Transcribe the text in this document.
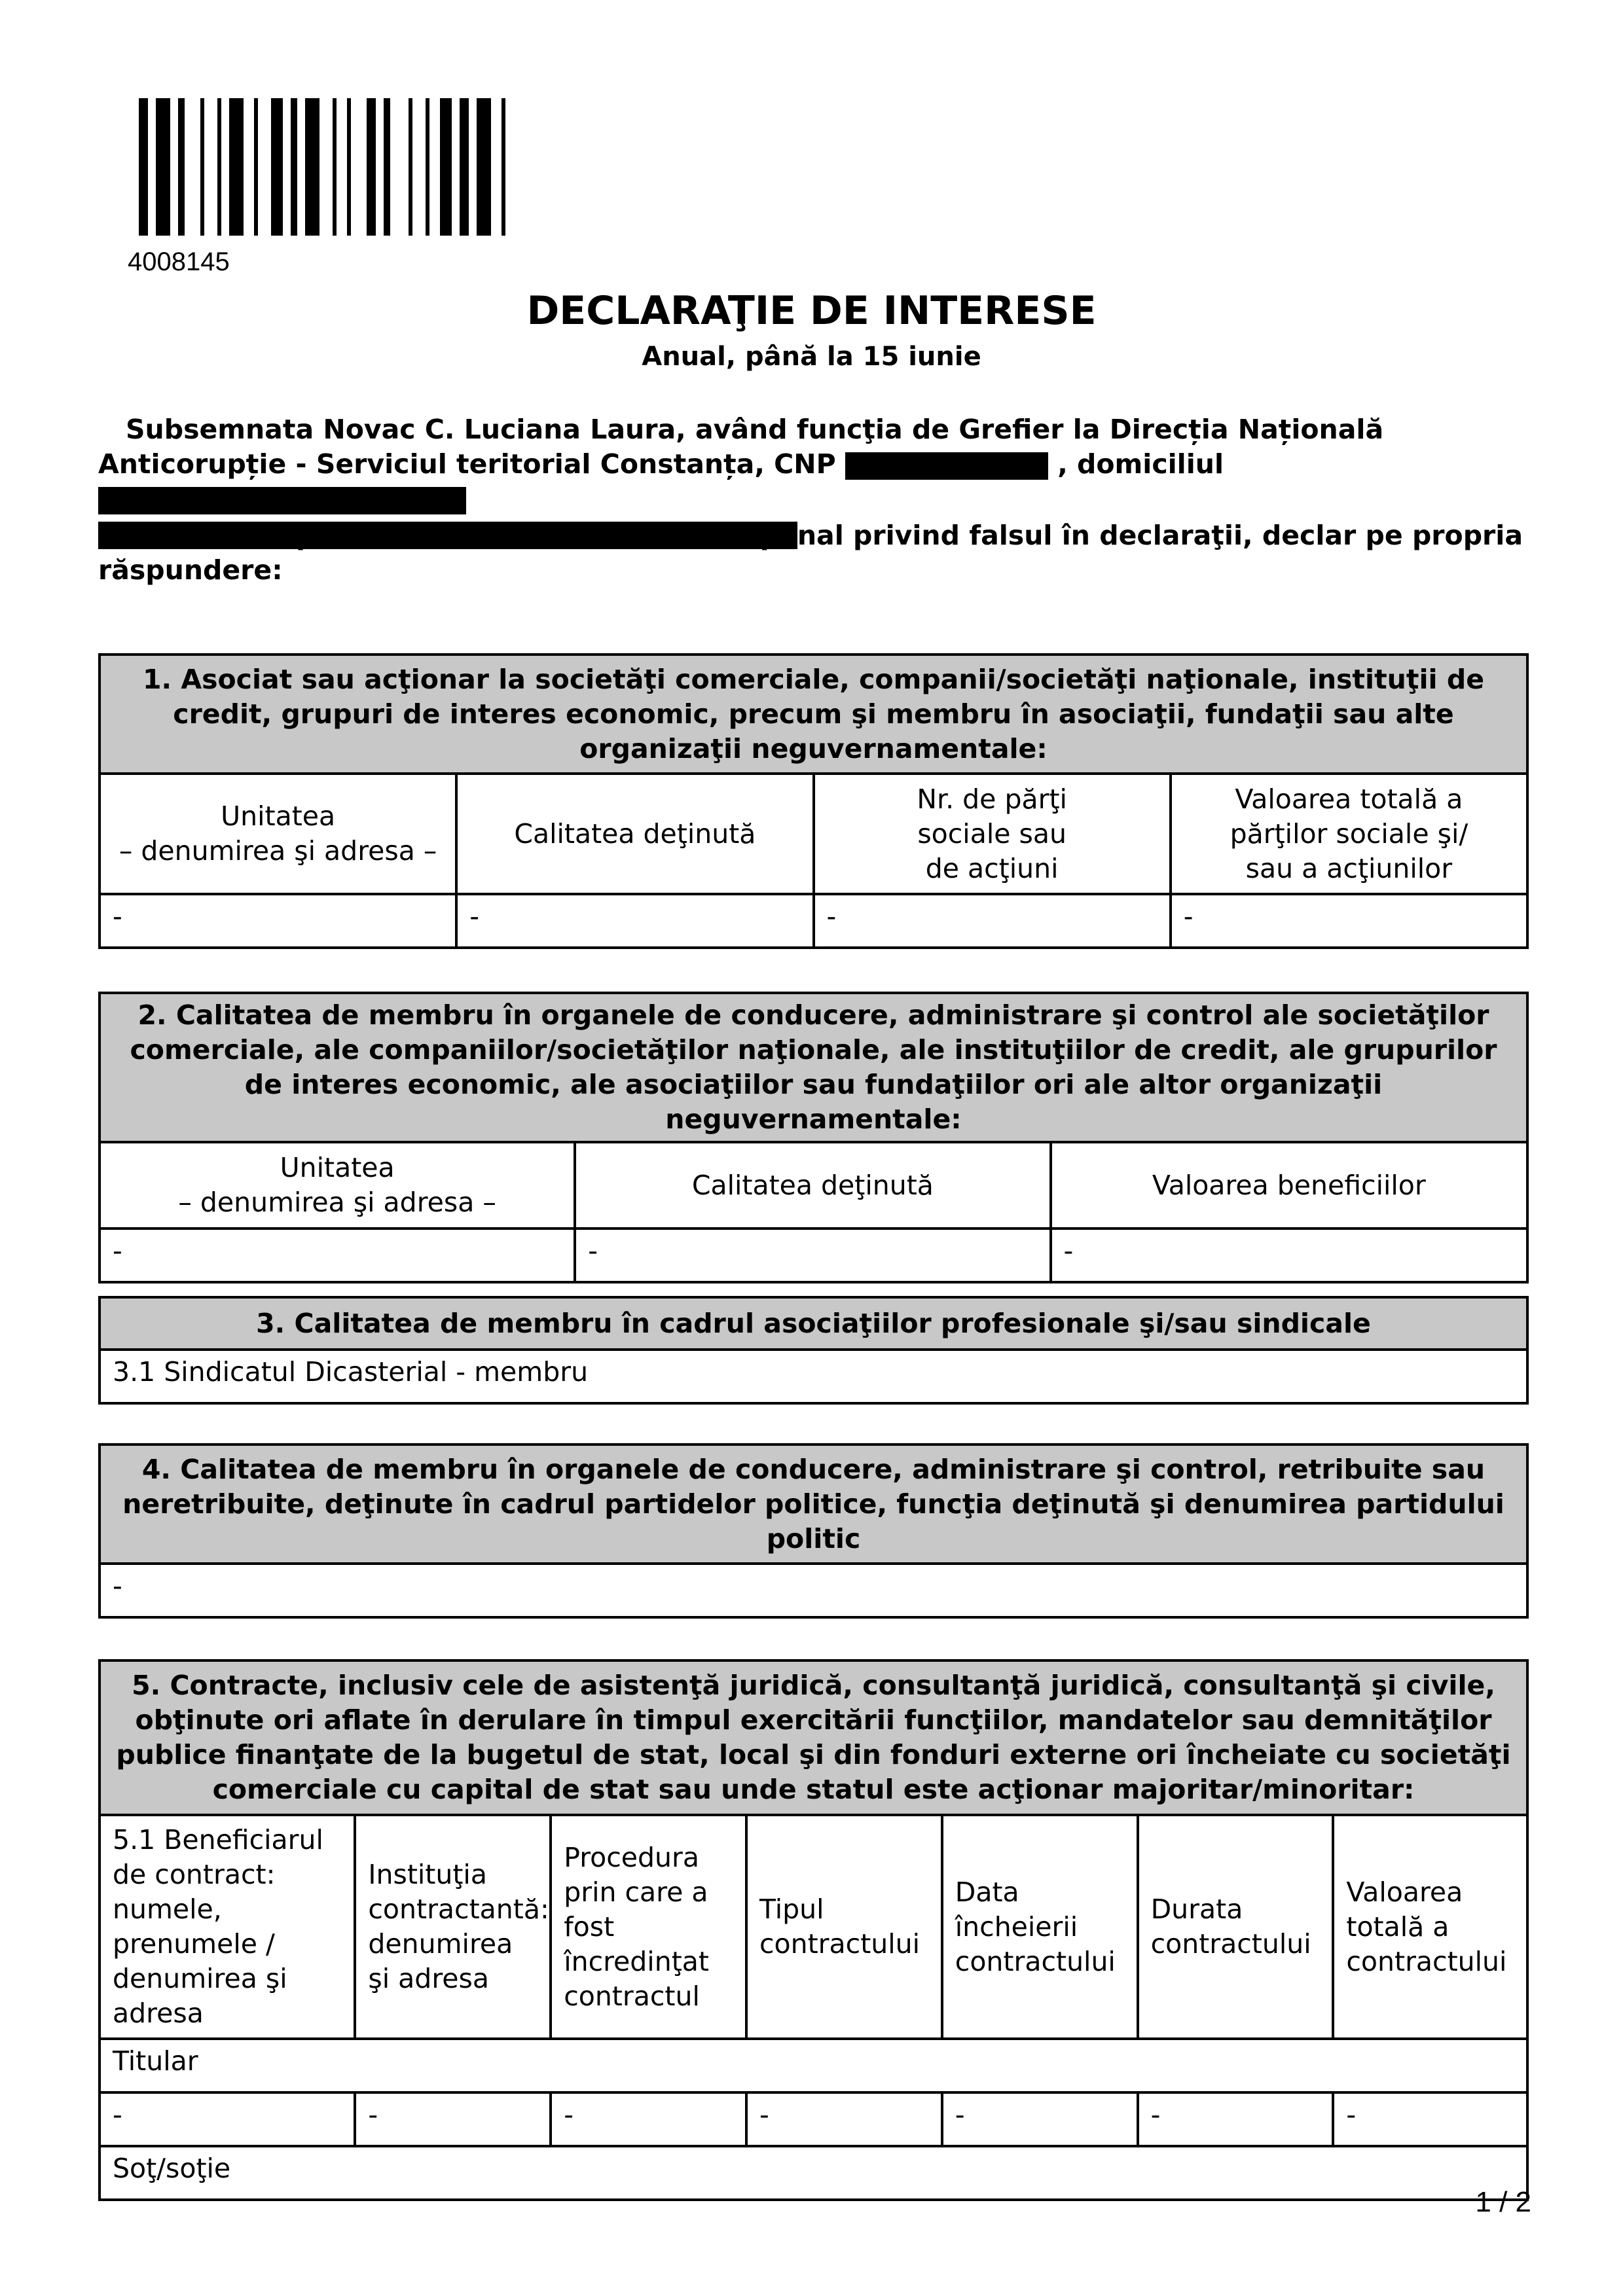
4008145
DECLARAŢIE DE INTERESE
Anual, până la 15 iunie
Subsemnata Novac C. Luciana Laura, având funcţia de Grefier la Direcția Națională Anticorupție - Serviciul teritorial Constanța, CNP	, domiciliul

cunoscând prevederile art. 292 din Codul penal privind falsul în declaraţii, declar pe propria răspundere:
1. Asociat sau acţionar la societăţi comerciale, companii/societăţi naţionale, instituţii de credit, grupuri de interes economic, precum şi membru în asociaţii, fundaţii sau alte organizaţii neguvernamentale:			
Unitatea
– denumirea şi adresa –	Calitatea deţinută	Nr. de părţi
sociale sau
de acţiuni	Valoarea totală a
părţilor sociale şi/
sau a acţiunilor
-	-	-	-
2. Calitatea de membru în organele de conducere, administrare şi control ale societăţilor comerciale, ale companiilor/societăţilor naţionale, ale instituţiilor de credit, ale grupurilor de interes economic, ale asociaţiilor sau fundaţiilor ori ale altor organizaţii neguvernamentale:		
Unitatea
– denumirea şi adresa –	Calitatea deţinută	Valoarea beneficiilor
-	-	-
3. Calitatea de membru în cadrul asociaţiilor profesionale şi/sau sindicale
3.1 Sindicatul Dicasterial - membru
4. Calitatea de membru în organele de conducere, administrare şi control, retribuite sau neretribuite, deţinute în cadrul partidelor politice, funcţia deţinută şi denumirea partidului politic
-
5. Contracte, inclusiv cele de asistenţă juridică, consultanţă juridică, consultanţă şi civile, obţinute ori aflate în derulare în timpul exercitării funcţiilor, mandatelor sau demnităţilor publice finanţate de la bugetul de stat, local şi din fonduri externe ori încheiate cu societăţi comerciale cu capital de stat sau unde statul este acţionar majoritar/minoritar:						
5.1 Beneficiarul de contract: numele, prenumele / denumirea şi adresa	Instituţia contractantă: denumirea şi adresa	Procedura prin care a fost încredinţat contractul	Tipul contractului	Data încheierii contractului	Durata contractului	Valoarea totală a contractului
Titular						
-	-	-	-	-	-	-
Soţ/soţie						
1 / 2
